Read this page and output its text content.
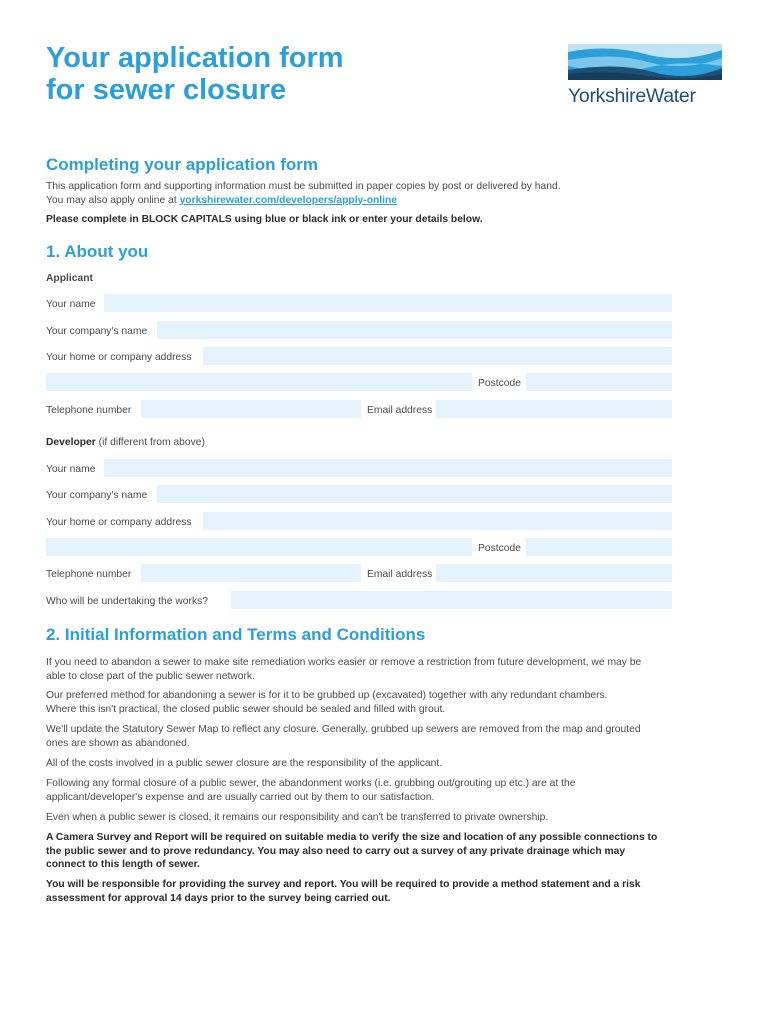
Your application form
for sewer closure	YorkshireWater
Completing your application form

This application form and supporting information must be submitted in paper copies by post or delivered by hand.
You may also apply online at yorkshirewater.com/developers/apply-online

Please complete in BLOCK CAPITALS using blue or black ink or enter your details below.

1. About you
Applicant
Your name
Your company's name
Your home or company address
Postcode
Telephone number	Email address
Developer (if different from above)
Your name
Your company's name
Your home or company address
Postcode
Telephone number	Email address
Who will be undertaking the works?
2. Initial Information and Terms and Conditions

If you need to abandon a sewer to make site remediation works easier or remove a restriction from future development, we may be able to close part of the public sewer network.

Our preferred method for abandoning a sewer is for it to be grubbed up (excavated) together with any redundant chambers. Where this isn't practical, the closed public sewer should be sealed and filled with grout.

We'll update the Statutory Sewer Map to reflect any closure. Generally, grubbed up sewers are removed from the map and grouted ones are shown as abandoned.

All of the costs involved in a public sewer closure are the responsibility of the applicant.

Following any formal closure of a public sewer, the abandonment works (i.e. grubbing out/grouting up etc.) are at the applicant/developer's expense and are usually carried out by them to our satisfaction.

Even when a public sewer is closed, it remains our responsibility and can't be transferred to private ownership.

A Camera Survey and Report will be required on suitable media to verify the size and location of any possible connections to the public sewer and to prove redundancy. You may also need to carry out a survey of any private drainage which may connect to this length of sewer.

You will be responsible for providing the survey and report. You will be required to provide a method statement and a risk assessment for approval 14 days prior to the survey being carried out.
